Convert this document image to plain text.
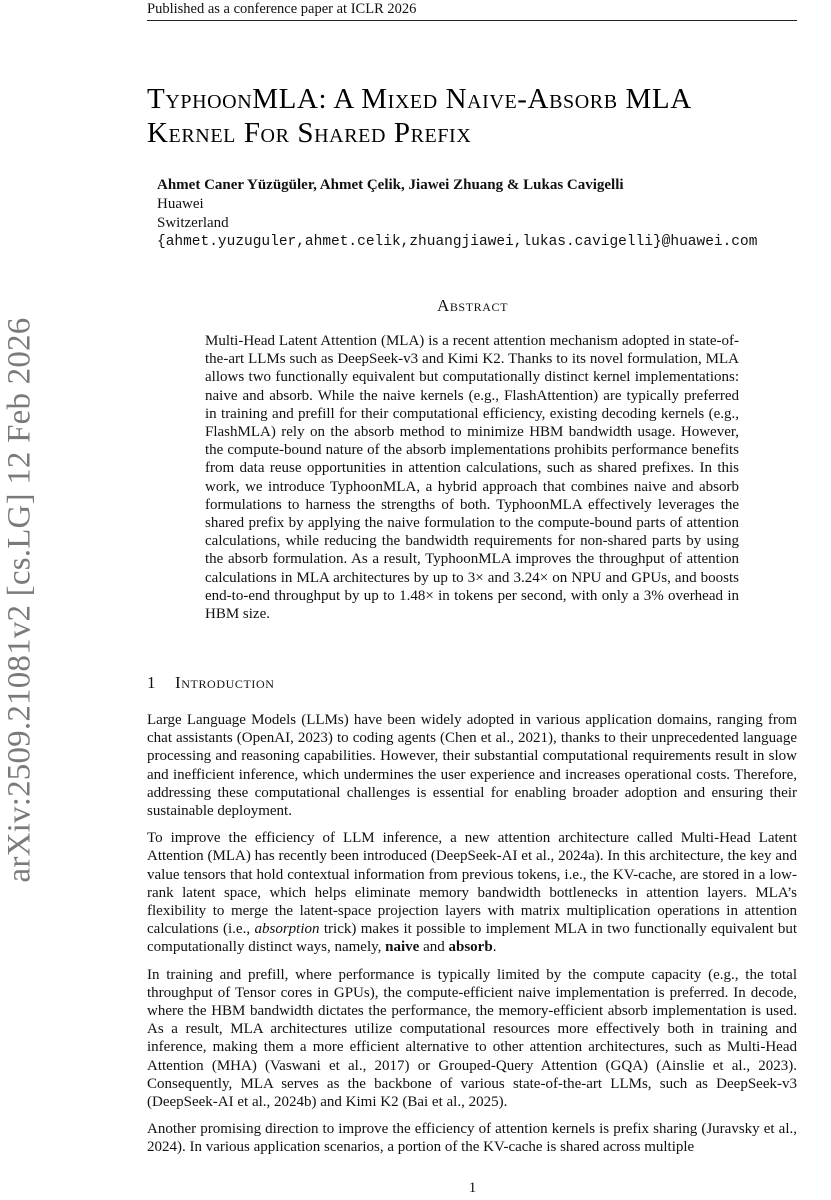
Published as a conference paper at ICLR 2026
arXiv:2509.21081v2 [cs.LG] 12 Feb 2026
TyphoonMLA: A Mixed Naive-Absorb MLA
Kernel For Shared Prefix
Ahmet Caner Yüzügüler, Ahmet Çelik, Jiawei Zhuang & Lukas Cavigelli
Huawei
Switzerland
{ahmet.yuzuguler,ahmet.celik,zhuangjiawei,lukas.cavigelli}@huawei.com
Abstract
Multi-Head Latent Attention (MLA) is a recent attention mechanism adopted in state-of-the-art LLMs such as DeepSeek-v3 and Kimi K2. Thanks to its novel formulation, MLA allows two functionally equivalent but computationally distinct kernel implementations: naive and absorb. While the naive kernels (e.g., FlashAttention) are typically preferred in training and prefill for their computational efficiency, existing decoding kernels (e.g., FlashMLA) rely on the absorb method to minimize HBM bandwidth usage. However, the compute-bound nature of the absorb implementations prohibits performance benefits from data reuse opportunities in attention calculations, such as shared prefixes. In this work, we introduce TyphoonMLA, a hybrid approach that combines naive and absorb formulations to harness the strengths of both. TyphoonMLA effectively leverages the shared prefix by applying the naive formulation to the compute-bound parts of attention calculations, while reducing the bandwidth requirements for non-shared parts by using the absorb formulation. As a result, TyphoonMLA improves the throughput of attention calculations in MLA architectures by up to 3× and 3.24× on NPU and GPUs, and boosts end-to-end throughput by up to 1.48× in tokens per second, with only a 3% overhead in HBM size.
1 Introduction

Large Language Models (LLMs) have been widely adopted in various application domains, ranging from chat assistants (OpenAI, 2023) to coding agents (Chen et al., 2021), thanks to their unprecedented language processing and reasoning capabilities. However, their substantial computational requirements result in slow and inefficient inference, which undermines the user experience and increases operational costs. Therefore, addressing these computational challenges is essential for enabling broader adoption and ensuring their sustainable deployment.

To improve the efficiency of LLM inference, a new attention architecture called Multi-Head Latent Attention (MLA) has recently been introduced (DeepSeek-AI et al., 2024a). In this architecture, the key and value tensors that hold contextual information from previous tokens, i.e., the KV-cache, are stored in a low-rank latent space, which helps eliminate memory bandwidth bottlenecks in attention layers. MLA’s flexibility to merge the latent-space projection layers with matrix multiplication operations in attention calculations (i.e., absorption trick) makes it possible to implement MLA in two functionally equivalent but computationally distinct ways, namely, naive and absorb.

In training and prefill, where performance is typically limited by the compute capacity (e.g., the total throughput of Tensor cores in GPUs), the compute-efficient naive implementation is preferred. In decode, where the HBM bandwidth dictates the performance, the memory-efficient absorb implementation is used. As a result, MLA architectures utilize computational resources more effectively both in training and inference, making them a more efficient alternative to other attention architectures, such as Multi-Head Attention (MHA) (Vaswani et al., 2017) or Grouped-Query Attention (GQA) (Ainslie et al., 2023). Consequently, MLA serves as the backbone of various state-of-the-art LLMs, such as DeepSeek-v3 (DeepSeek-AI et al., 2024b) and Kimi K2 (Bai et al., 2025).

Another promising direction to improve the efficiency of attention kernels is prefix sharing (Juravsky et al., 2024). In various application scenarios, a portion of the KV-cache is shared across multiple

1
